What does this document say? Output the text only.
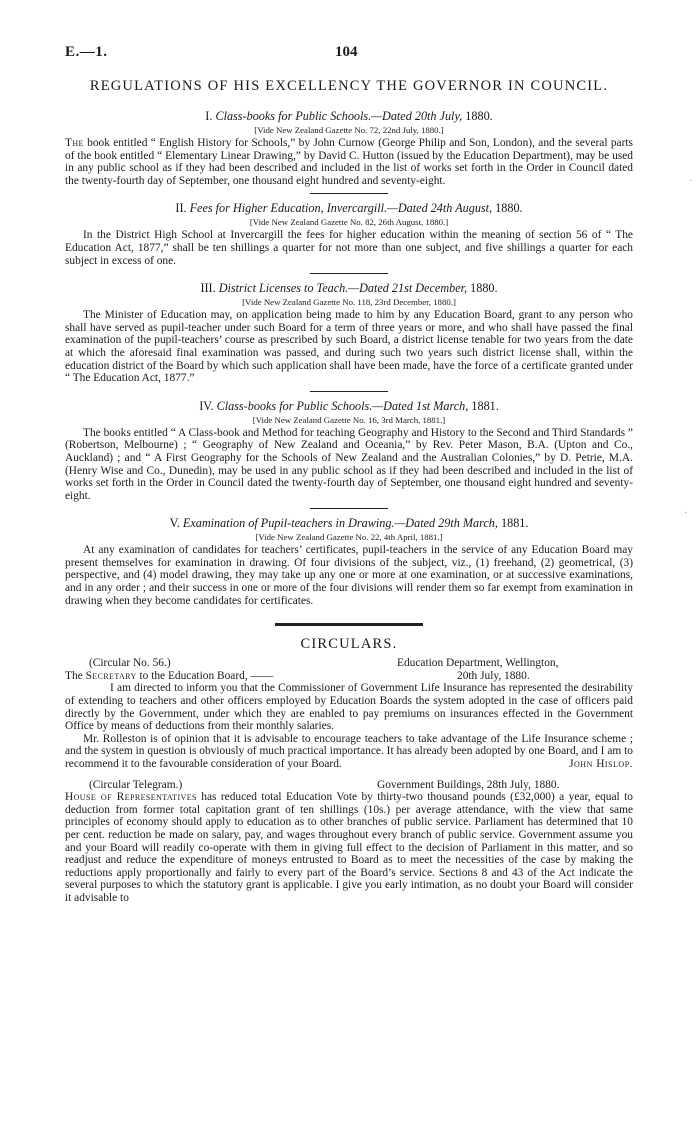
E.—1.	104
REGULATIONS OF HIS EXCELLENCY THE GOVERNOR IN COUNCIL.
I. Class-books for Public Schools.—Dated 20th July, 1880.
[Vide New Zealand Gazette No. 72, 22nd July, 1880.]

The book entitled “ English History for Schools,” by John Curnow (George Philip and Son, London), and the several parts of the book entitled “ Elementary Linear Drawing,” by David C. Hutton (issued by the Education Department), may be used in any public school as if they had been described and included in the list of works set forth in the Order in Council dated the twenty-fourth day of September, one thousand eight hundred and seventy-eight.

II. Fees for Higher Education, Invercargill.—Dated 24th August, 1880.
[Vide New Zealand Gazette No. 82, 26th August, 1880.]

In the District High School at Invercargill the fees for higher education within the meaning of section 56 of “ The Education Act, 1877,” shall be ten shillings a quarter for not more than one subject, and five shillings a quarter for each subject in excess of one.

III. District Licenses to Teach.—Dated 21st December, 1880.
[Vide New Zealand Gazette No. 118, 23rd December, 1880.]

The Minister of Education may, on application being made to him by any Education Board, grant to any person who shall have served as pupil-teacher under such Board for a term of three years or more, and who shall have passed the final examination of the pupil-teachers’ course as prescribed by such Board, a district license tenable for two years from the date at which the aforesaid final examination was passed, and during such two years such district license shall, within the education district of the Board by which such application shall have been made, have the force of a certificate granted under “ The Education Act, 1877.”

IV. Class-books for Public Schools.—Dated 1st March, 1881.
[Vide New Zealand Gazette No. 16, 3rd March, 1881.]

The books entitled “ A Class-book and Method for teaching Geography and History to the Second and Third Standards ” (Robertson, Melbourne) ; “ Geography of New Zealand and Oceania,” by Rev. Peter Mason, B.A. (Upton and Co., Auckland) ; and “ A First Geography for the Schools of New Zealand and the Australian Colonies,” by D. Petrie, M.A. (Henry Wise and Co., Dunedin), may be used in any public school as if they had been described and included in the list of works set forth in the Order in Council dated the twenty-fourth day of September, one thousand eight hundred and seventy-eight.

V. Examination of Pupil-teachers in Drawing.—Dated 29th March, 1881.
[Vide New Zealand Gazette No. 22, 4th April, 1881.]

At any examination of candidates for teachers’ certificates, pupil-teachers in the service of any Education Board may present themselves for examination in drawing. Of four divisions of the subject, viz., (1) freehand, (2) geometrical, (3) perspective, and (4) model drawing, they may take up any one or more at one examination, or at successive examinations, and in any order ; and their success in one or more of the four divisions will render them so far exempt from examination in drawing when they become candidates for certificates.

CIRCULARS.
(Circular No. 56.)	Education Department, Wellington,
The Secretary to the Education Board, ——	20th July, 1880.

I am directed to inform you that the Commissioner of Government Life Insurance has represented the desirability of extending to teachers and other officers employed by Education Boards the system adopted in the case of officers paid directly by the Government, under which they are enabled to pay premiums on insurances effected in the Government Office by means of deductions from their monthly salaries.

Mr. Rolleston is of opinion that it is advisable to encourage teachers to take advantage of the Life Insurance scheme ; and the system in question is obviously of much practical importance. It has already been adopted by one Board, and I am to recommend it to the favourable consideration of your Board.	John Hislop.
(Circular Telegram.)	Government Buildings, 28th July, 1880.

House of Representatives has reduced total Education Vote by thirty-two thousand pounds (£32,000) a year, equal to deduction from former total capitation grant of ten shillings (10s.) per average attendance, with the view that same principles of economy should apply to education as to other branches of public service. Parliament has determined that 10 per cent. reduction be made on salary, pay, and wages throughout every branch of public service. Government assume you and your Board will readily co-operate with them in giving full effect to the decision of Parliament in this matter, and so readjust and reduce the expenditure of moneys entrusted to Board as to meet the necessities of the case by making the reductions apply proportionally and fairly to every part of the Board’s service. Sections 8 and 43 of the Act indicate the several purposes to which the statutory grant is applicable. I give you early intimation, as no doubt your Board will consider it advisable to

·
·
